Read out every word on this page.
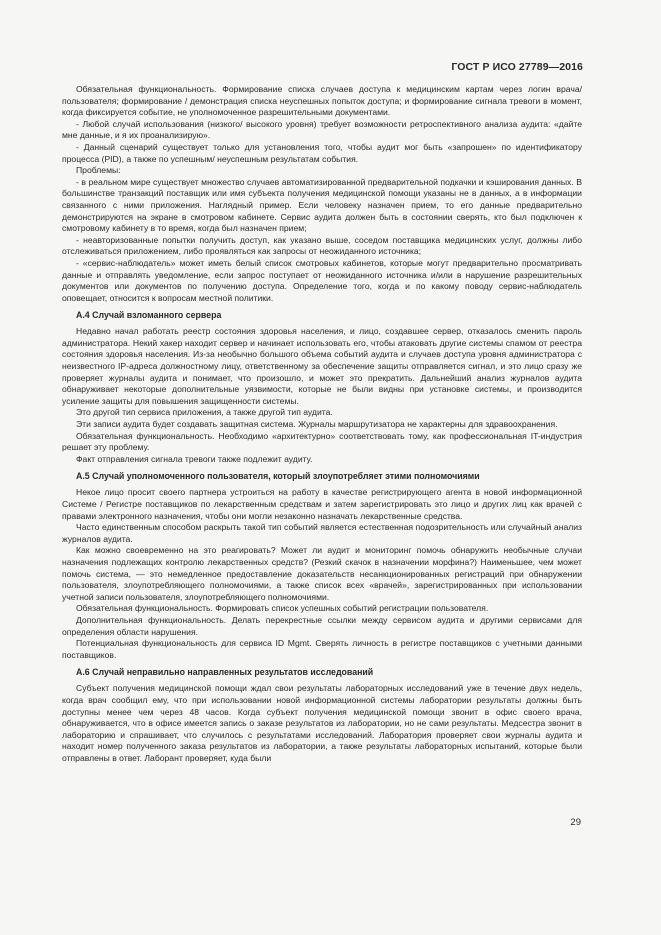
ГОСТ Р ИСО 27789—2016

Обязательная функциональность. Формирование списка случаев доступа к медицинским картам через логин врача/ пользователя; формирование / демонстрация списка неуспешных попыток доступа; и формирование сигнала тревоги в момент, когда фиксируется событие, не уполномоченное разрешительными документами.

- Любой случай использования (низкого/ высокого уровня) требует возможности ретроспективного анализа аудита: «дайте мне данные, и я их проанализирую».

- Данный сценарий существует только для установления того, чтобы аудит мог быть «запрошен» по идентификатору процесса (PID), а также по успешным/ неуспешным результатам события.

Проблемы:

- в реальном мире существует множество случаев автоматизированной предварительной подкачки и кэширования данных. В большинстве транзакций поставщик или имя субъекта получения медицинской помощи указаны не в данных, а в информации связанного с ними приложения. Наглядный пример. Если человеку назначен прием, то его данные предварительно демонстрируются на экране в смотровом кабинете. Сервис аудита должен быть в состоянии сверять, кто был подключен к смотровому кабинету в то время, когда был назначен прием;

- неавторизованные попытки получить доступ, как указано выше, соседом поставщика медицинских услуг, должны либо отслеживаться приложением, либо проявляться как запросы от неожиданного источника;

- «сервис-наблюдатель» может иметь белый список смотровых кабинетов, которые могут предварительно просматривать данные и отправлять уведомление, если запрос поступает от неожиданного источника и/или в нарушение разрешительных документов или документов по получению доступа. Определение того, когда и по какому поводу сервис-наблюдатель оповещает, относится к вопросам местной политики.

А.4 Случай взломанного сервера

Недавно начал работать реестр состояния здоровья населения, и лицо, создавшее сервер, отказалось сменить пароль администратора. Некий хакер находит сервер и начинает использовать его, чтобы атаковать другие системы спамом от реестра состояния здоровья населения. Из-за необычно большого объема событий аудита и случаев доступа уровня администратора с неизвестного IP-адреса должностному лицу, ответственному за обеспечение защиты отправляется сигнал, и это лицо сразу же проверяет журналы аудита и понимает, что произошло, и может это прекратить. Дальнейший анализ журналов аудита обнаруживает некоторые дополнительные уязвимости, которые не были видны при установке системы, и производится усиление защиты для повышения защищенности системы.

Это другой тип сервиса приложения, а также другой тип аудита.

Эти записи аудита будет создавать защитная система. Журналы маршрутизатора не характерны для здравоохранения.

Обязательная функциональность. Необходимо «архитектурно» соответствовать тому, как профессиональная IT-индустрия решает эту проблему.

Факт отправления сигнала тревоги также подлежит аудиту.

А.5 Случай уполномоченного пользователя, который злоупотребляет этими полномочиями

Некое лицо просит своего партнера устроиться на работу в качестве регистрирующего агента в новой информационной Системе / Регистре поставщиков по лекарственным средствам и затем зарегистрировать это лицо и других лиц как врачей с правами электронного назначения, чтобы они могли незаконно назначать лекарственные средства.

Часто единственным способом раскрыть такой тип событий является естественная подозрительность или случайный анализ журналов аудита.

Как можно своевременно на это реагировать? Может ли аудит и мониторинг помочь обнаружить необычные случаи назначения подлежащих контролю лекарственных средств? (Резкий скачок в назначении морфина?) Наименьшее, чем может помочь система, — это немедленное предоставление доказательств несанкционированных регистраций при обнаружении пользователя, злоупотребляющего полномочиями, а также список всех «врачей», зарегистрированных при использовании учетной записи пользователя, злоупотребляющего полномочиями.

Обязательная функциональность. Формировать список успешных событий регистрации пользователя.

Дополнительная функциональность. Делать перекрестные ссылки между сервисом аудита и другими сервисами для определения области нарушения.

Потенциальная функциональность для сервиса ID Mgmt. Сверять личность в регистре поставщиков с учетными данными поставщиков.

А.6 Случай неправильно направленных результатов исследований

Субъект получения медицинской помощи ждал свои результаты лабораторных исследований уже в течение двух недель, когда врач сообщил ему, что при использовании новой информационной системы лаборатории результаты должны быть доступны менее чем через 48 часов. Когда субъект получения медицинской помощи звонит в офис своего врача, обнаруживается, что в офисе имеется запись о заказе результатов из лаборатории, но не сами результаты. Медсестра звонит в лабораторию и спрашивает, что случилось с результатами исследований. Лаборатория проверяет свои журналы аудита и находит номер полученного заказа результатов из лаборатории, а также результаты лабораторных испытаний, которые были отправлены в ответ. Лаборант проверяет, куда были

29
